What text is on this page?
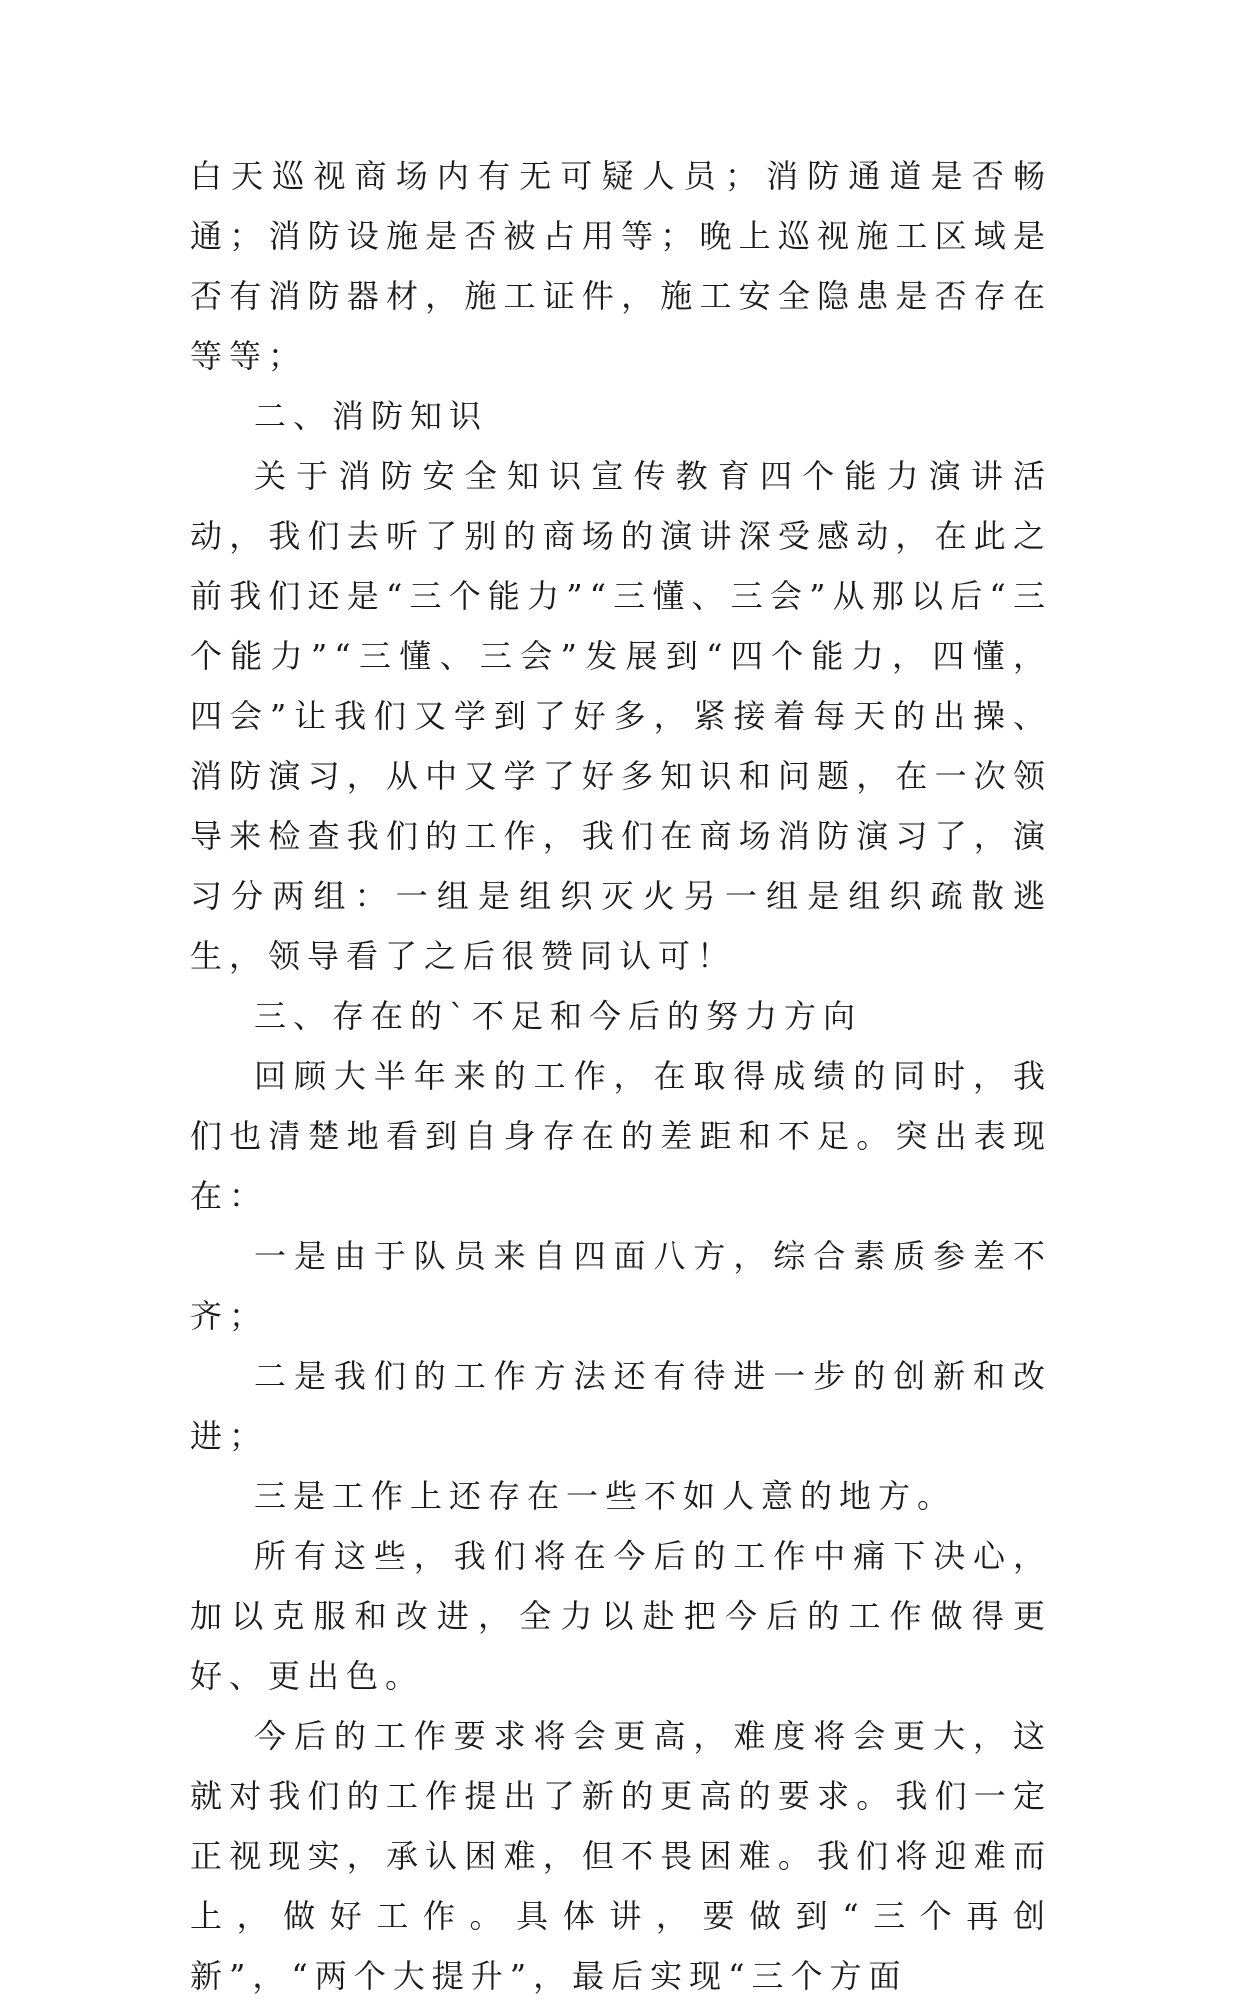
白天巡视商场内有无可疑人员；消防通道是否畅通；消防设施是否被占用等；晚上巡视施工区域是否有消防器材，施工证件，施工安全隐患是否存在等等；

二、消防知识

关于消防安全知识宣传教育四个能力演讲活动，我们去听了别的商场的演讲深受感动，在此之前我们还是“三个能力”“三懂、三会”从那以后“三个能力”“三懂、三会”发展到“四个能力，四懂，四会”让我们又学到了好多，紧接着每天的出操、消防演习，从中又学了好多知识和问题，在一次领导来检查我们的工作，我们在商场消防演习了，演习分两组：一组是组织灭火另一组是组织疏散逃生，领导看了之后很赞同认可！

三、存在的`不足和今后的努力方向

回顾大半年来的工作，在取得成绩的同时，我们也清楚地看到自身存在的差距和不足。突出表现在：

一是由于队员来自四面八方，综合素质参差不齐；

二是我们的工作方法还有待进一步的创新和改进；

三是工作上还存在一些不如人意的地方。

所有这些，我们将在今后的工作中痛下决心，加以克服和改进，全力以赴把今后的工作做得更好、更出色。

今后的工作要求将会更高，难度将会更大，这就对我们的工作提出了新的更高的要求。我们一定正视现实，承认困难，但不畏困难。我们将迎难而上，做好工作。具体讲，要做到“三个再创新”，“两个大提升”，最后实现“三个方面
